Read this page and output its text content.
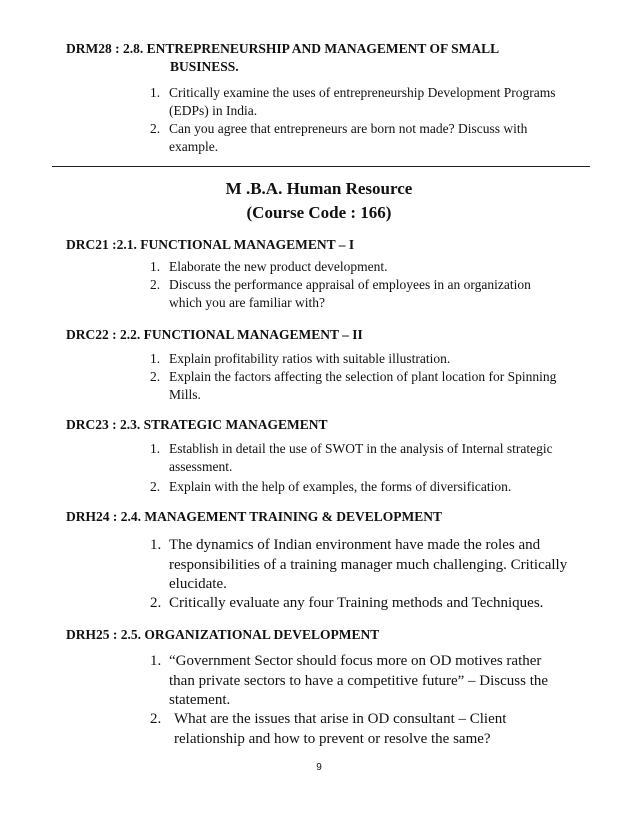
DRM28 : 2.8. ENTREPRENEURSHIP AND MANAGEMENT OF SMALL
BUSINESS.
1. Critically examine the uses of entrepreneurship Development Programs
(EDPs) in India.
2. Can you agree that entrepreneurs are born not made? Discuss with
example.
M .B.A. Human Resource
(Course Code : 166)
DRC21 :2.1. FUNCTIONAL MANAGEMENT – I
1. Elaborate the new product development.
2. Discuss the performance appraisal of employees in an organization
which you are familiar with?
DRC22 : 2.2. FUNCTIONAL MANAGEMENT – II
1. Explain profitability ratios with suitable illustration.
2. Explain the factors affecting the selection of plant location for Spinning
Mills.
DRC23 : 2.3. STRATEGIC MANAGEMENT
1. Establish in detail the use of SWOT in the analysis of Internal strategic
assessment.
2. Explain with the help of examples, the forms of diversification.
DRH24 : 2.4. MANAGEMENT TRAINING & DEVELOPMENT
1. The dynamics of Indian environment have made the roles and
responsibilities of a training manager much challenging. Critically
elucidate.
2. Critically evaluate any four Training methods and Techniques.
DRH25 : 2.5. ORGANIZATIONAL DEVELOPMENT
1. “Government Sector should focus more on OD motives rather
than private sectors to have a competitive future” – Discuss the
statement.
2. What are the issues that arise in OD consultant – Client
relationship and how to prevent or resolve the same?
9
